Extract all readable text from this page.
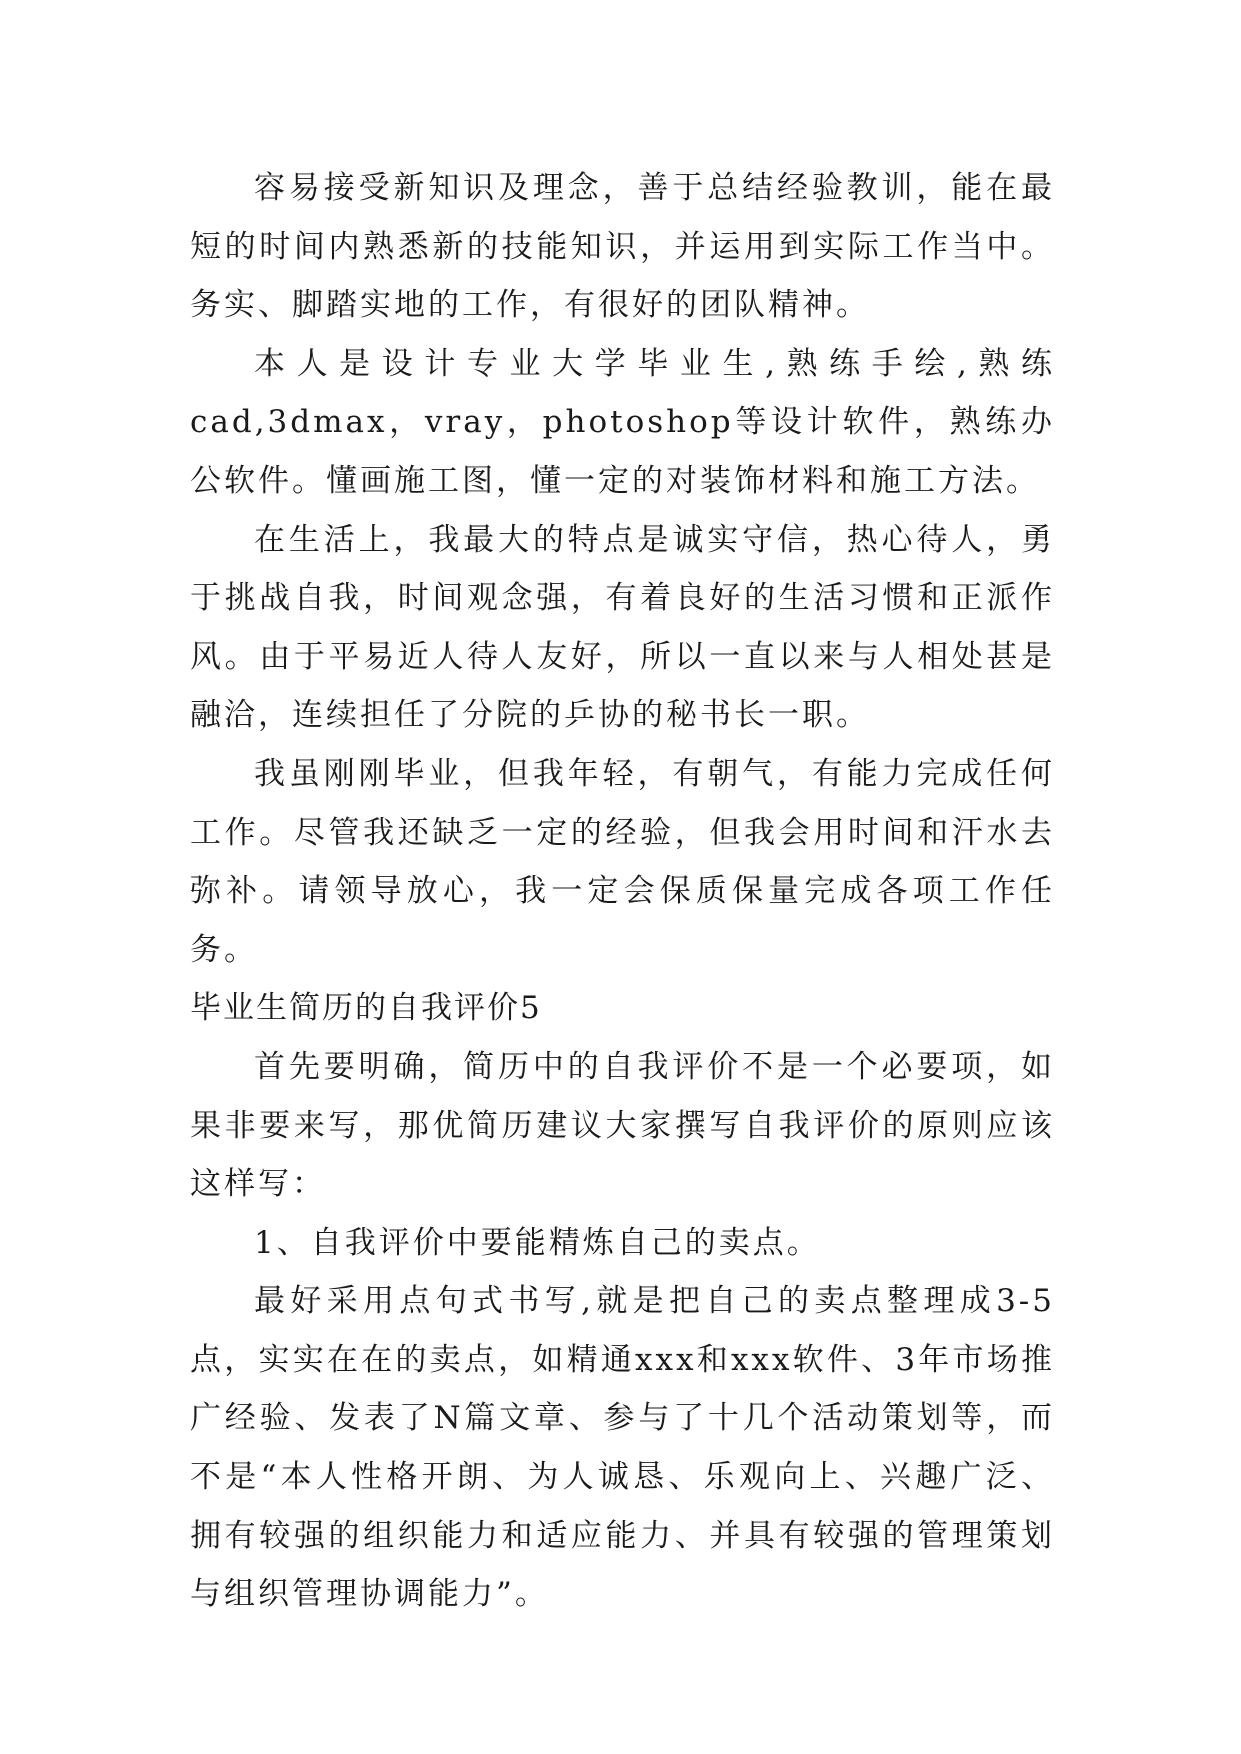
容易接受新知识及理念，善于总结经验教训，能在最短的时间内熟悉新的技能知识，并运用到实际工作当中。务实、脚踏实地的工作，有很好的团队精神。

本人是设计专业大学毕业生,熟练手绘,熟练cad,3dmax，vray，photoshop等设计软件，熟练办公软件。懂画施工图，懂一定的对装饰材料和施工方法。

在生活上，我最大的特点是诚实守信，热心待人，勇于挑战自我，时间观念强，有着良好的生活习惯和正派作风。由于平易近人待人友好，所以一直以来与人相处甚是融洽，连续担任了分院的乒协的秘书长一职。

我虽刚刚毕业，但我年轻，有朝气，有能力完成任何工作。尽管我还缺乏一定的经验，但我会用时间和汗水去弥补。请领导放心，我一定会保质保量完成各项工作任务。

毕业生简历的自我评价5

首先要明确，简历中的自我评价不是一个必要项，如果非要来写，那优简历建议大家撰写自我评价的原则应该这样写：

1、自我评价中要能精炼自己的卖点。

最好采用点句式书写,就是把自己的卖点整理成3-5点，实实在在的卖点，如精通xxx和xxx软件、3年市场推广经验、发表了N篇文章、参与了十几个活动策划等，而不是“本人性格开朗、为人诚恳、乐观向上、兴趣广泛、拥有较强的组织能力和适应能力、并具有较强的管理策划与组织管理协调能力”。
